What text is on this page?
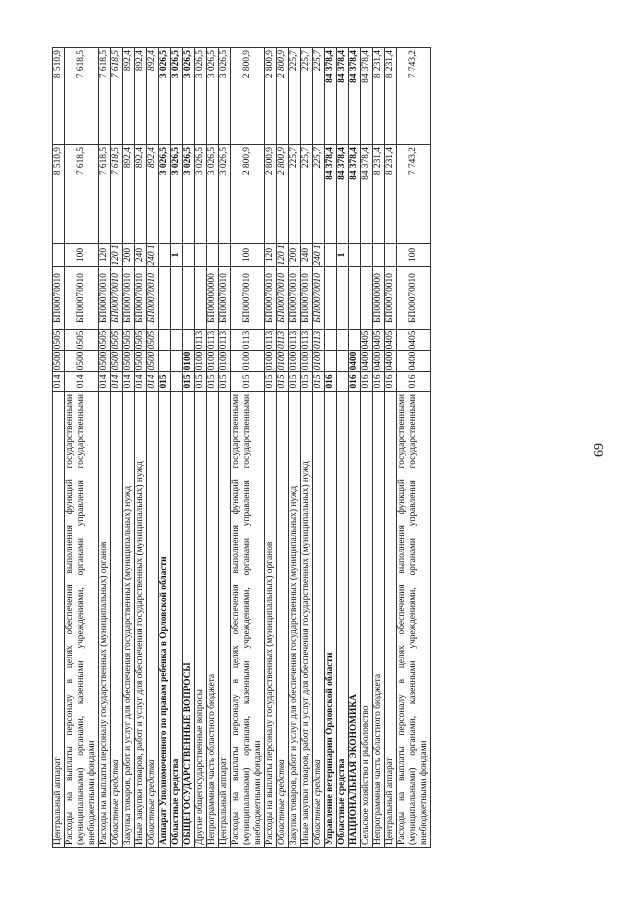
69
Центральный аппарат	014	0500	0505	БП00070010		8 510,9	8 510,9
Расходы на выплаты персоналу в целях обеспечения выполнения функций государственными (муниципальными) органами, казенными учреждениями, органами управления государственными внебюджетными фондами	014	0500	0505	БП00070010	100	7 618,5	7 618,5
Расходы на выплаты персоналу государственных (муниципальных) органов	014	0500	0505	БП00070010	120	7 618,5	7 618,5
Областные средства	014	0500	0505	БП00070010	120 1	7 618,5	7 618,5
Закупка товаров, работ и услуг для обеспечения государственных (муниципальных) нужд	014	0500	0505	БП00070010	200	892,4	892,4
Иные закупки товаров, работ и услуг для обеспечения государственных (муниципальных) нужд	014	0500	0505	БП00070010	240	892,4	892,4
Областные средства	014	0500	0505	БП00070010	240 1	892,4	892,4
Аппарат Уполномоченного по правам ребенка в Орловской области	015					3 026,5	3 026,5
Областные средства					1	3 026,5	3 026,5
ОБЩЕГОСУДАРСТВЕННЫЕ ВОПРОСЫ	015	0100				3 026,5	3 026,5
Другие общегосударственные вопросы	015	0100	0113			3 026,5	3 026,5
Непрограммная часть областного бюджета	015	0100	0113	БП00000000		3 026,5	3 026,5
Центральный аппарат	015	0100	0113	БП00070010		3 026,5	3 026,5
Расходы на выплаты персоналу в целях обеспечения выполнения функций государственными (муниципальными) органами, казенными учреждениями, органами управления государственными внебюджетными фондами	015	0100	0113	БП00070010	100	2 800,9	2 800,9
Расходы на выплаты персоналу государственных (муниципальных) органов	015	0100	0113	БП00070010	120	2 800,9	2 800,9
Областные средства	015	0100	0113	БП00070010	120 1	2 800,9	2 800,9
Закупка товаров, работ и услуг для обеспечения государственных (муниципальных) нужд	015	0100	0113	БП00070010	200	225,7	225,7
Иные закупки товаров, работ и услуг для обеспечения государственных (муниципальных) нужд	015	0100	0113	БП00070010	240	225,7	225,7
Областные средства	015	0100	0113	БП00070010	240 1	225,7	225,7
Управление ветеринарии Орловской области	016					84 378,4	84 378,4
Областные средства					1	84 378,4	84 378,4
НАЦИОНАЛЬНАЯ ЭКОНОМИКА	016	0400				84 378,4	84 378,4
Сельское хозяйство и рыболовство	016	0400	0405			84 378,4	84 378,4
Непрограммная часть областного бюджета	016	0400	0405	БП00000000		8 231,4	8 231,4
Центральный аппарат	016	0400	0405	БП00070010		8 231,4	8 231,4
Расходы на выплаты персоналу в целях обеспечения выполнения функций государственными (муниципальными) органами, казенными учреждениями, органами управления государственными внебюджетными фондами	016	0400	0405	БП00070010	100	7 743,2	7 743,2
